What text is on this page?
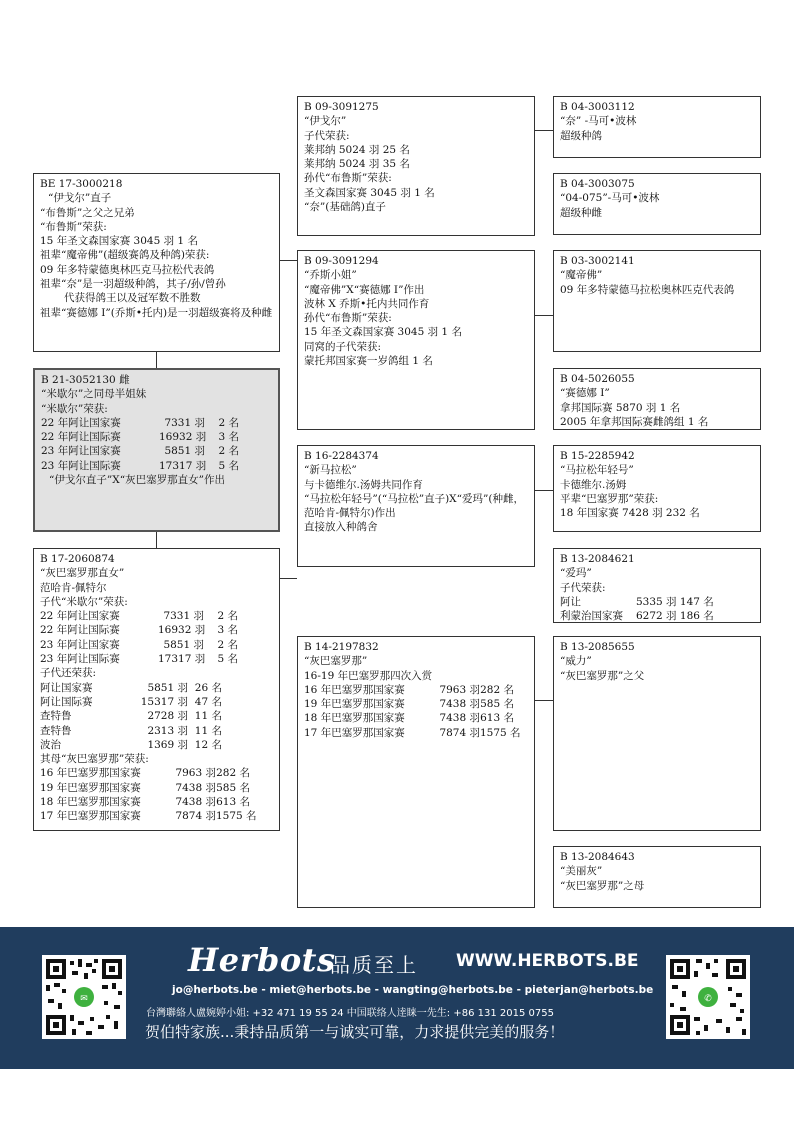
BE 17-3000218
“伊戈尔”直子
“布鲁斯”之父之兄弟
“布鲁斯”荣获:
15 年圣文森国家赛 3045 羽 1 名
祖辈“魔帝佛”(超级赛鸽及种鸽)荣获:
09 年多特蒙德奥林匹克马拉松代表鸽
祖辈“奈”是一羽超级种鸽，其子/孙/曾孙
代获得鸽王以及冠军数不胜数
祖辈“赛德娜 I”(乔斯•托内)是一羽超级赛将及种雌
B 21-3052130 雌
“米歇尔”之同母半姐妹
“米歇尔”荣获:
22 年阿让国家赛	7331 羽	2 名
22 年阿让国际赛	16932 羽	3 名
23 年阿让国家赛	5851 羽	2 名
23 年阿让国际赛	17317 羽	5 名
“伊戈尔直子”X“灰巴塞罗那直女”作出
B 17-2060874
“灰巴塞罗那直女”
范哈肯-佩特尔
子代“米歇尔”荣获:
22 年阿让国家赛	7331 羽	2 名
22 年阿让国际赛	16932 羽	3 名
23 年阿让国家赛	5851 羽	2 名
23 年阿让国际赛	17317 羽	5 名
子代还荣获:
阿让国家赛	5851 羽 26 名
阿让国际赛	15317 羽 47 名
查特鲁	2728 羽 11 名
查特鲁	2313 羽 11 名
波治	1369 羽 12 名
其母“灰巴塞罗那”荣获:
16 年巴塞罗那国家赛	7963 羽 282 名
19 年巴塞罗那国家赛	7438 羽 585 名
18 年巴塞罗那国家赛	7438 羽 613 名
17 年巴塞罗那国家赛	7874 羽 1575 名
B 09-3091275
“伊戈尔”
子代荣获:
莱邦纳 5024 羽 25 名
莱邦纳 5024 羽 35 名
孙代“布鲁斯”荣获:
圣文森国家赛 3045 羽 1 名
“奈”(基础鸽)直子
B 09-3091294
“乔斯小姐”
“魔帝佛”X“赛德娜 I”作出
波林 X 乔斯•托内共同作育
孙代“布鲁斯”荣获:
15 年圣文森国家赛 3045 羽 1 名
同窝的子代荣获:
蒙托邦国家赛一岁鸽组 1 名
B 16-2284374
“新马拉松”
与卡德维尔.汤姆共同作育
“马拉松年轻号”(“马拉松”直子)X“爱玛”(种雌，范哈肯-佩特尔)作出
直接放入种鸽舍
B 14-2197832
“灰巴塞罗那”
16-19 年巴塞罗那四次入赏
16 年巴塞罗那国家赛	7963 羽 282 名
19 年巴塞罗那国家赛	7438 羽 585 名
18 年巴塞罗那国家赛	7438 羽 613 名
17 年巴塞罗那国家赛	7874 羽 1575 名
B 04-3003112
“奈” -马可•波林
超级种鸽
B 04-3003075
“04-075”-马可•波林
超级种雌
B 03-3002141
“魔帝佛”
09 年多特蒙德马拉松奥林匹克代表鸽
B 04-5026055
“赛德娜 I”
拿邦国际赛 5870 羽 1 名
2005 年拿邦国际赛雌鸽组 1 名
B 15-2285942
“马拉松年轻号”
卡德维尔.汤姆
平辈“巴塞罗那”荣获:
18 年国家赛 7428 羽 232 名
B 13-2084621
“爱玛”
子代荣获:
阿让	5335 羽 147 名
利蒙治国家赛	6272 羽 186 名
B 13-2085655
“威力”
“灰巴塞罗那”之父
B 13-2084643
“美丽灰”
“灰巴塞罗那”之母
✉	✆
Herbots
品质至上 WWW.HERBOTS.BE
jo@herbots.be - miet@herbots.be - wangting@herbots.be - pieterjan@herbots.be
台灣聯絡人盧婉婷小姐: +32 471 19 55 24 中国联络人逹睐一先生: +86 131 2015 0755
贺伯特家族...秉持品质第一与诚实可靠，力求提供完美的服务！
